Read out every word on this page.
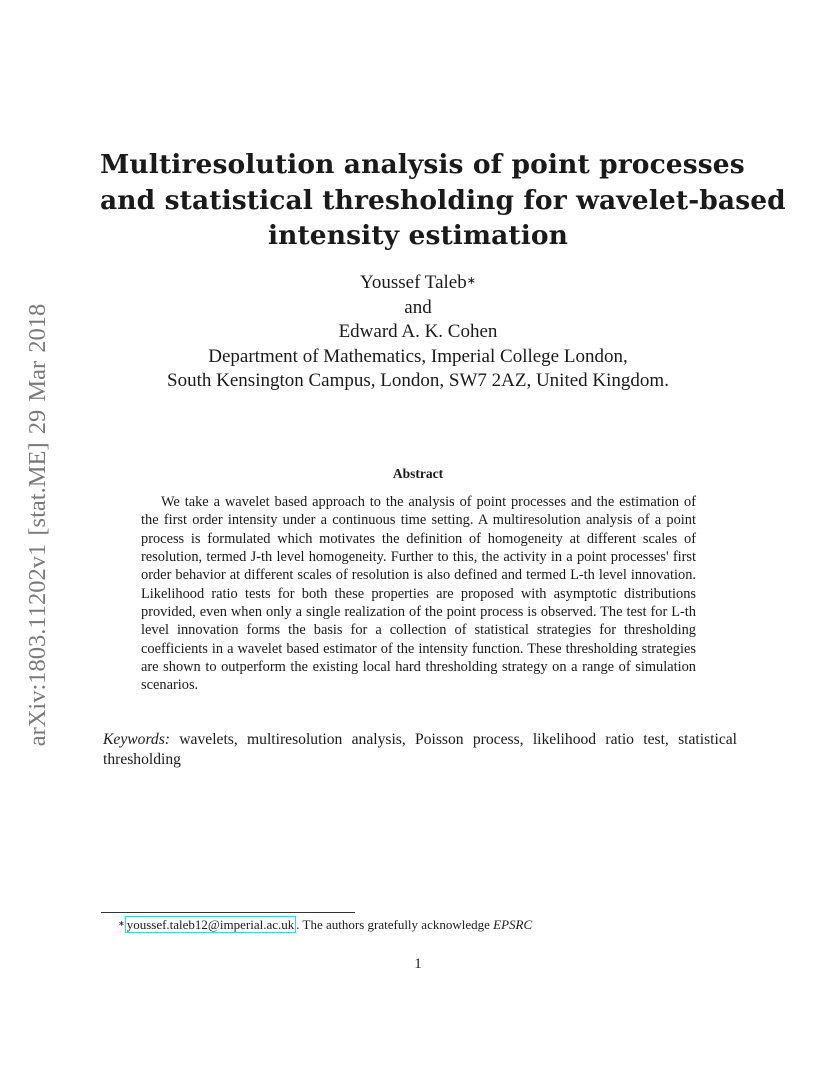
arXiv:1803.11202v1 [stat.ME] 29 Mar 2018
Multiresolution analysis of point processes
and statistical thresholding for wavelet-based
intensity estimation
Youssef Taleb∗
and
Edward A. K. Cohen
Department of Mathematics, Imperial College London,
South Kensington Campus, London, SW7 2AZ, United Kingdom.
Abstract
We take a wavelet based approach to the analysis of point processes and the estimation of the first order intensity under a continuous time setting. A multiresolution analysis of a point process is formulated which motivates the definition of homogeneity at different scales of resolution, termed J-th level homogeneity. Further to this, the activity in a point processes' first order behavior at different scales of resolution is also defined and termed L-th level innovation. Likelihood ratio tests for both these properties are proposed with asymptotic distributions provided, even when only a single realization of the point process is observed. The test for L-th level innovation forms the basis for a collection of statistical strategies for thresholding coefficients in a wavelet based estimator of the intensity function. These thresholding strategies are shown to outperform the existing local hard thresholding strategy on a range of simulation scenarios.
Keywords: wavelets, multiresolution analysis, Poisson process, likelihood ratio test, statistical thresholding
∗ youssef.taleb12@imperial.ac.uk . The authors gratefully acknowledge EPSRC
1
